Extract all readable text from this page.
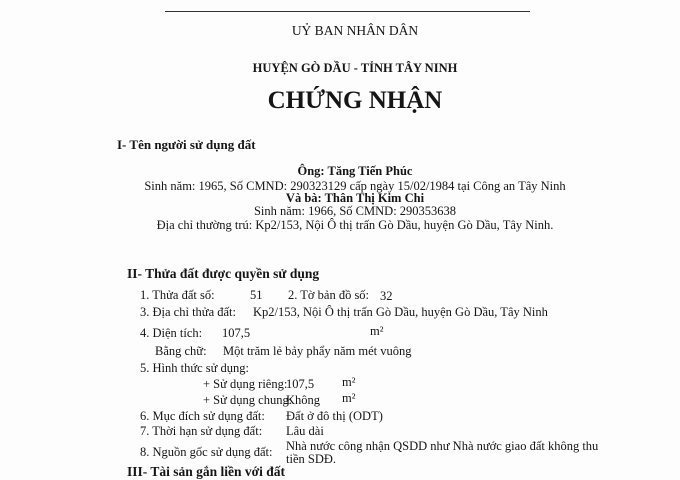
UỶ BAN NHÂN DÂN
HUYỆN GÒ DẦU - TỈNH TÂY NINH
CHỨNG NHẬN
I- Tên người sử dụng đất
Ông: Tăng Tiến Phúc
Sinh năm: 1965, Số CMND: 290323129 cấp ngày 15/02/1984 tại Công an Tây Ninh
Và bà: Thân Thị Kim Chi
Sinh năm: 1966, Số CMND: 290353638
Địa chỉ thường trú: Kp2/153, Nội Ô thị trấn Gò Dầu, huyện Gò Dầu, Tây Ninh.
II- Thửa đất được quyền sử dụng
1. Thửa đất số:	51 2. Tờ bản đồ số: 32
3. Địa chỉ thửa đất: Kp2/153, Nội Ô thị trấn Gò Dầu, huyện Gò Dầu, Tây Ninh
4. Diện tích: 107,5	m²
Bằng chữ: Một trăm lẻ bảy phẩy năm mét vuông
5. Hình thức sử dụng:
+ Sử dụng riêng:
107,5 m²
+ Sử dụng chung:
Không m²
6. Mục đích sử dụng đất: Đất ở đô thị (ODT)
7. Thời hạn sử dụng đất: Lâu dài
8. Nguồn gốc sử dụng đất: Nhà nước công nhận QSDD như Nhà nước giao đất không thu
tiền SDĐ.
III- Tài sản gắn liền với đất
